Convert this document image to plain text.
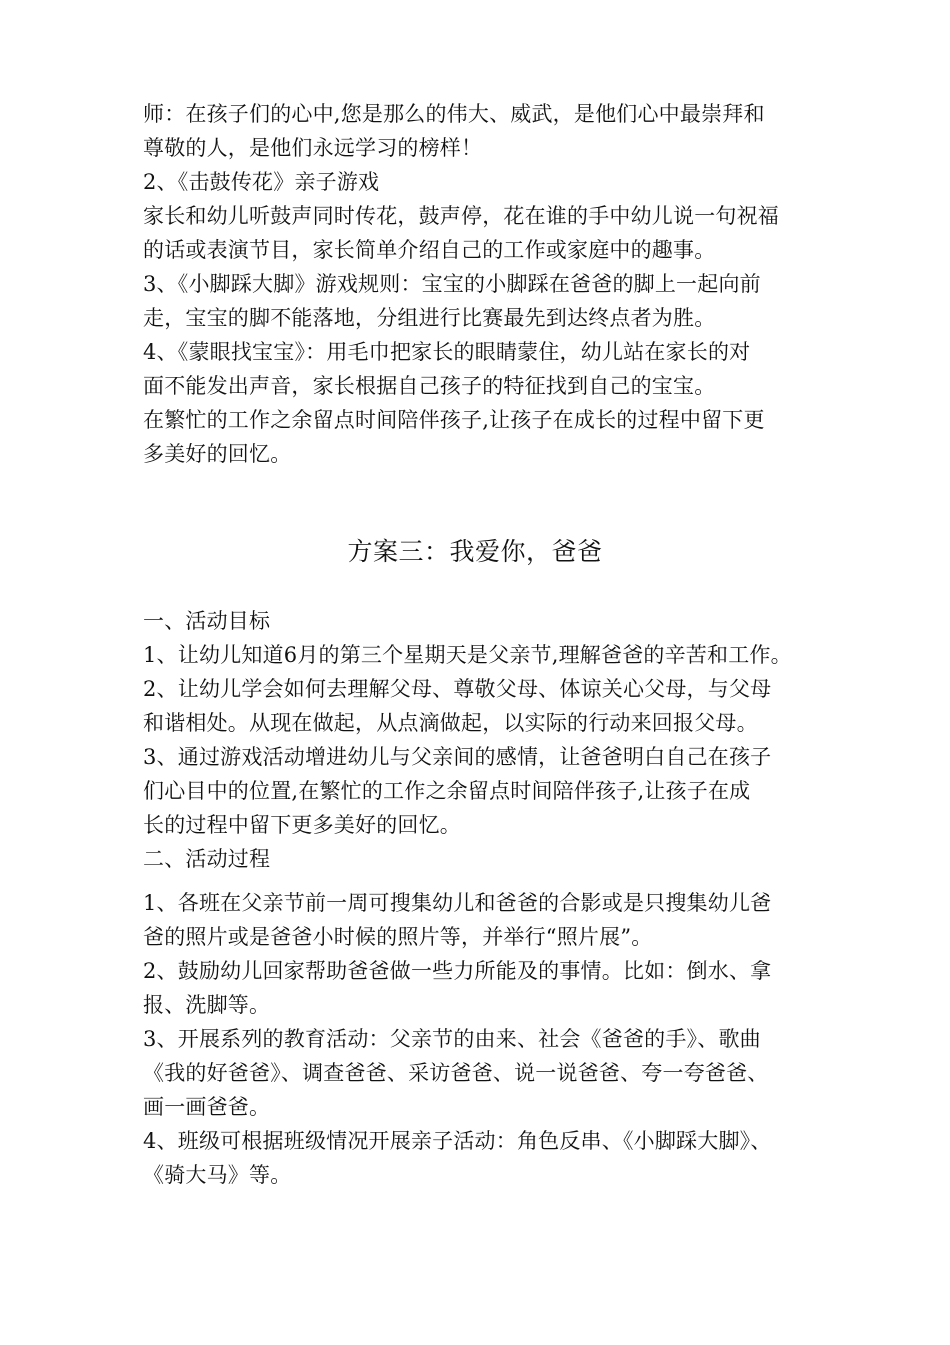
师：在孩子们的心中,您是那么的伟大、威武，是他们心中最崇拜和
尊敬的人，是他们永远学习的榜样！
2、《击鼓传花》亲子游戏
家长和幼儿听鼓声同时传花，鼓声停，花在谁的手中幼儿说一句祝福
的话或表演节目，家长简单介绍自己的工作或家庭中的趣事。
3、《小脚踩大脚》游戏规则：宝宝的小脚踩在爸爸的脚上一起向前
走，宝宝的脚不能落地，分组进行比赛最先到达终点者为胜。
4、《蒙眼找宝宝》：用毛巾把家长的眼睛蒙住，幼儿站在家长的对
面不能发出声音，家长根据自己孩子的特征找到自己的宝宝。
在繁忙的工作之余留点时间陪伴孩子,让孩子在成长的过程中留下更
多美好的回忆。
方案三：我爱你，爸爸
一、活动目标
1、让幼儿知道6月的第三个星期天是父亲节,理解爸爸的辛苦和工作。
2、让幼儿学会如何去理解父母、尊敬父母、体谅关心父母，与父母
和谐相处。从现在做起，从点滴做起，以实际的行动来回报父母。
3、通过游戏活动增进幼儿与父亲间的感情，让爸爸明白自己在孩子
们心目中的位置,在繁忙的工作之余留点时间陪伴孩子,让孩子在成
长的过程中留下更多美好的回忆。
二、活动过程
1、各班在父亲节前一周可搜集幼儿和爸爸的合影或是只搜集幼儿爸
爸的照片或是爸爸小时候的照片等，并举行“照片展”。
2、鼓励幼儿回家帮助爸爸做一些力所能及的事情。比如：倒水、拿
报、洗脚等。
3、开展系列的教育活动：父亲节的由来、社会《爸爸的手》、歌曲
《我的好爸爸》、调查爸爸、采访爸爸、说一说爸爸、夸一夸爸爸、
画一画爸爸。
4、班级可根据班级情况开展亲子活动：角色反串、《小脚踩大脚》、
《骑大马》等。
